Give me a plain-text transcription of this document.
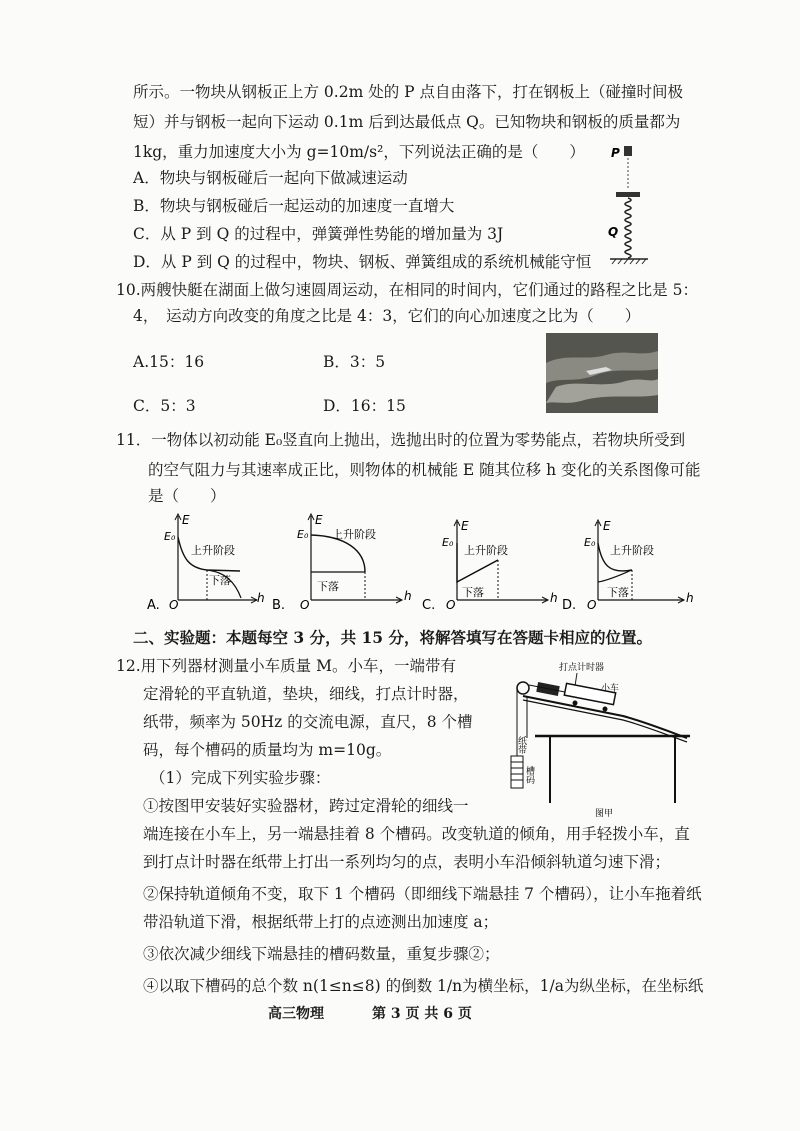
所示。一物块从钢板正上方 0.2m 处的 P 点自由落下，打在钢板上（碰撞时间极
短）并与钢板一起向下运动 0.1m 后到达最低点 Q。已知物块和钢板的质量都为
1kg，重力加速度大小为 g=10m/s²，下列说法正确的是（　　）
A．物块与钢板碰后一起向下做减速运动
B．物块与钢板碰后一起运动的加速度一直增大
C．从 P 到 Q 的过程中，弹簧弹性势能的增加量为 3J
D．从 P 到 Q 的过程中，物块、钢板、弹簧组成的系统机械能守恒
P
Q
10.两艘快艇在湖面上做匀速圆周运动，在相同的时间内，它们通过的路程之比是 5：
4，　运动方向改变的角度之比是 4：3，它们的向心加速度之比为（　　）
A.15：16	B．3：5
C．5：3	D．16：15
11．一物体以初动能 E₀竖直向上抛出，选抛出时的位置为零势能点，若物块所受到
的空气阻力与其速率成正比，则物体的机械能 E 随其位移 h 变化的关系图像可能
是（　　）
A.
E
E₀
h
O
上升阶段
下落
B.
E
E₀
h
O
上升阶段
下落
C.
E
E₀
h
O
上升阶段
下落
D.
E
E₀
h
O
上升阶段
下落
二、实验题：本题每空 3 分，共 15 分，将解答填写在答题卡相应的位置。
12.用下列器材测量小车质量 M。小车，一端带有
定滑轮的平直轨道，垫块，细线，打点计时器，
纸带，频率为 50Hz 的交流电源，直尺，8 个槽
码，每个槽码的质量均为 m=10g。
（1）完成下列实验步骤：
①按图甲安装好实验器材，跨过定滑轮的细线一
端连接在小车上，另一端悬挂着 8 个槽码。改变轨道的倾角，用手轻拨小车，直
到打点计时器在纸带上打出一系列均匀的点，表明小车沿倾斜轨道匀速下滑；
②保持轨道倾角不变，取下 1 个槽码（即细线下端悬挂 7 个槽码），让小车拖着纸
带沿轨道下滑，根据纸带上打的点迹测出加速度 a；
③依次减少细线下端悬挂的槽码数量，重复步骤②；
④以取下槽码的总个数 n(1≤n≤8) 的倒数 1/n为横坐标，1/a为纵坐标，在坐标纸
打点计时器
小车
纸带
槽码
图甲
高三物理	第 3 页 共 6 页
